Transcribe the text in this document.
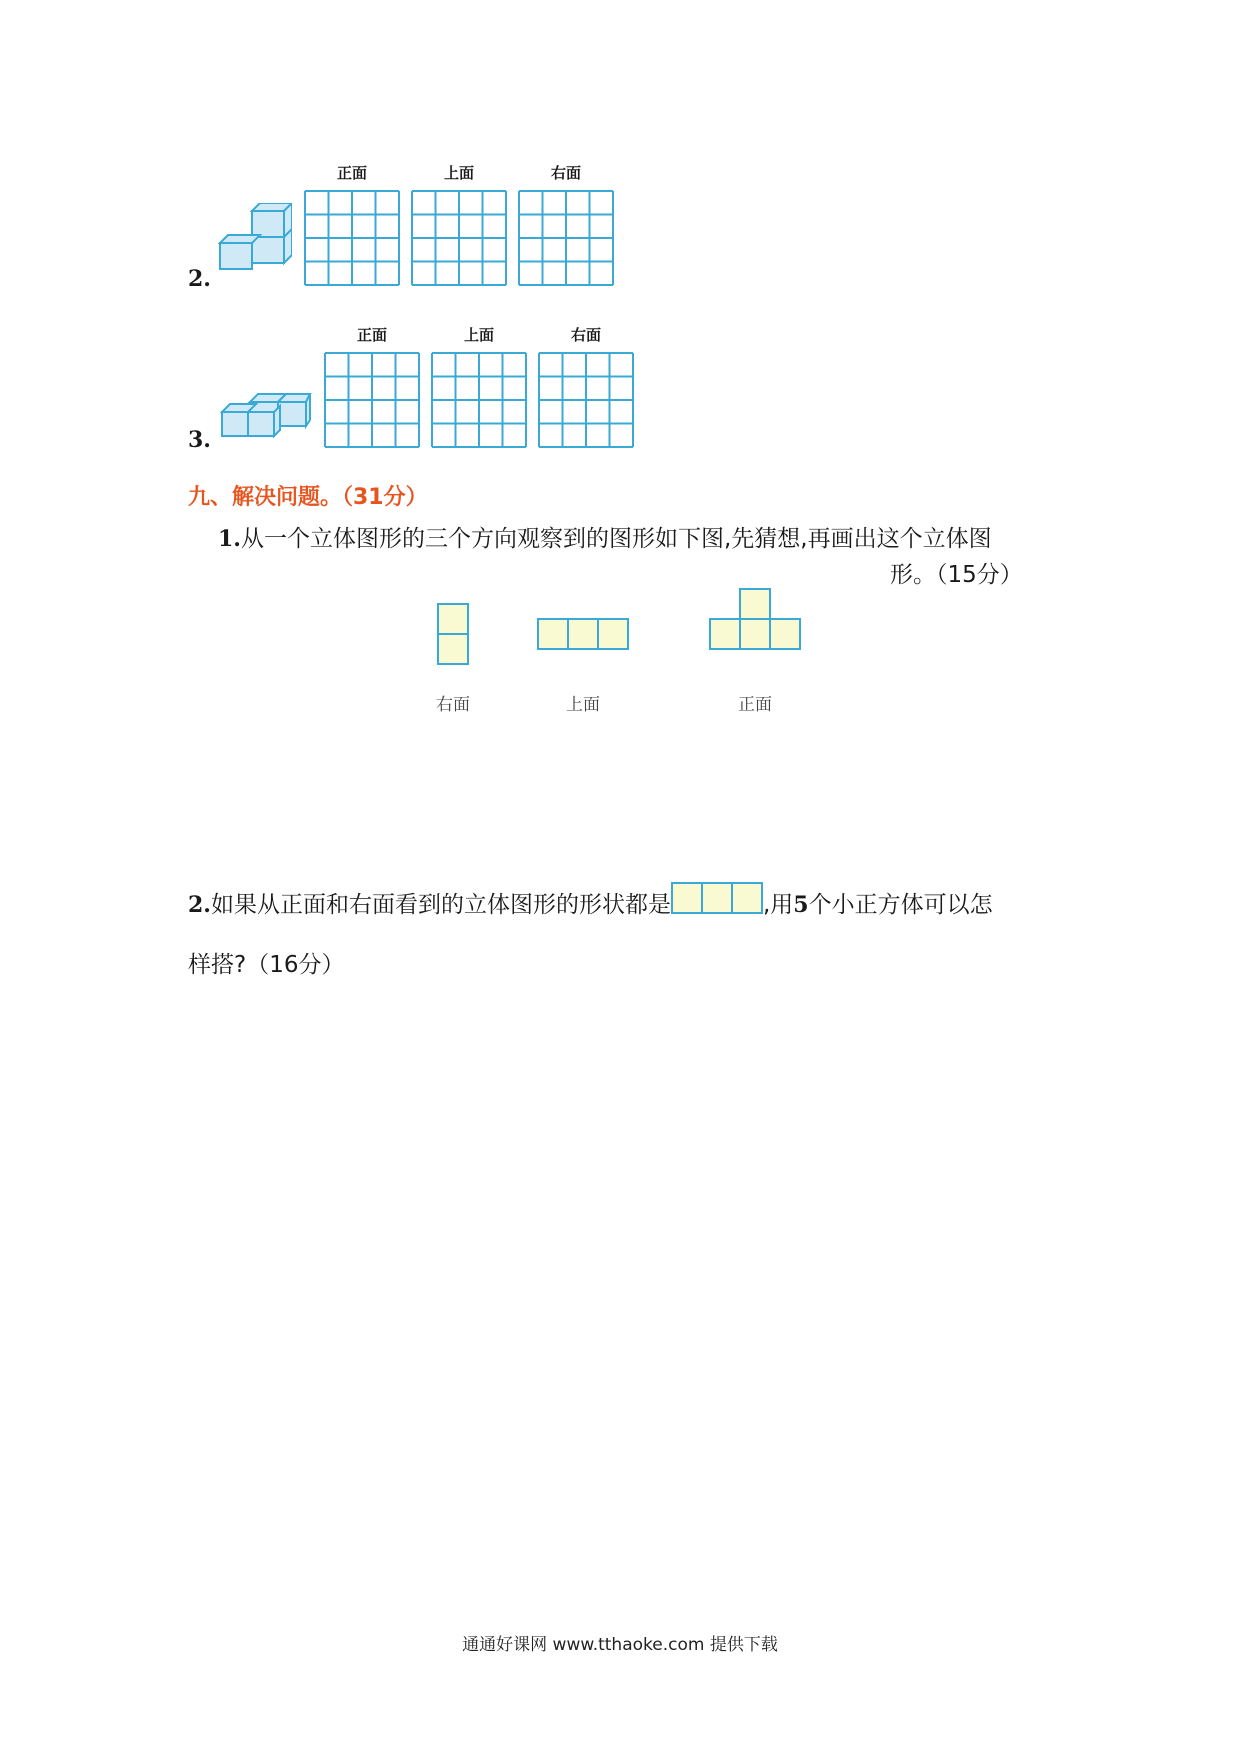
2.
正面	上面	右面
3.
正面	上面	右面
九、解决问题。（31分）
1.从一个立体图形的三个方向观察到的图形如下图,先猜想,再画出这个立体图
形。（15分）
右面	上面	正面
2.如果从正面和右面看到的立体图形的形状都是	,用5个小正方体可以怎
样搭?（16分）
通通好课网 www.tthaoke.com 提供下载
